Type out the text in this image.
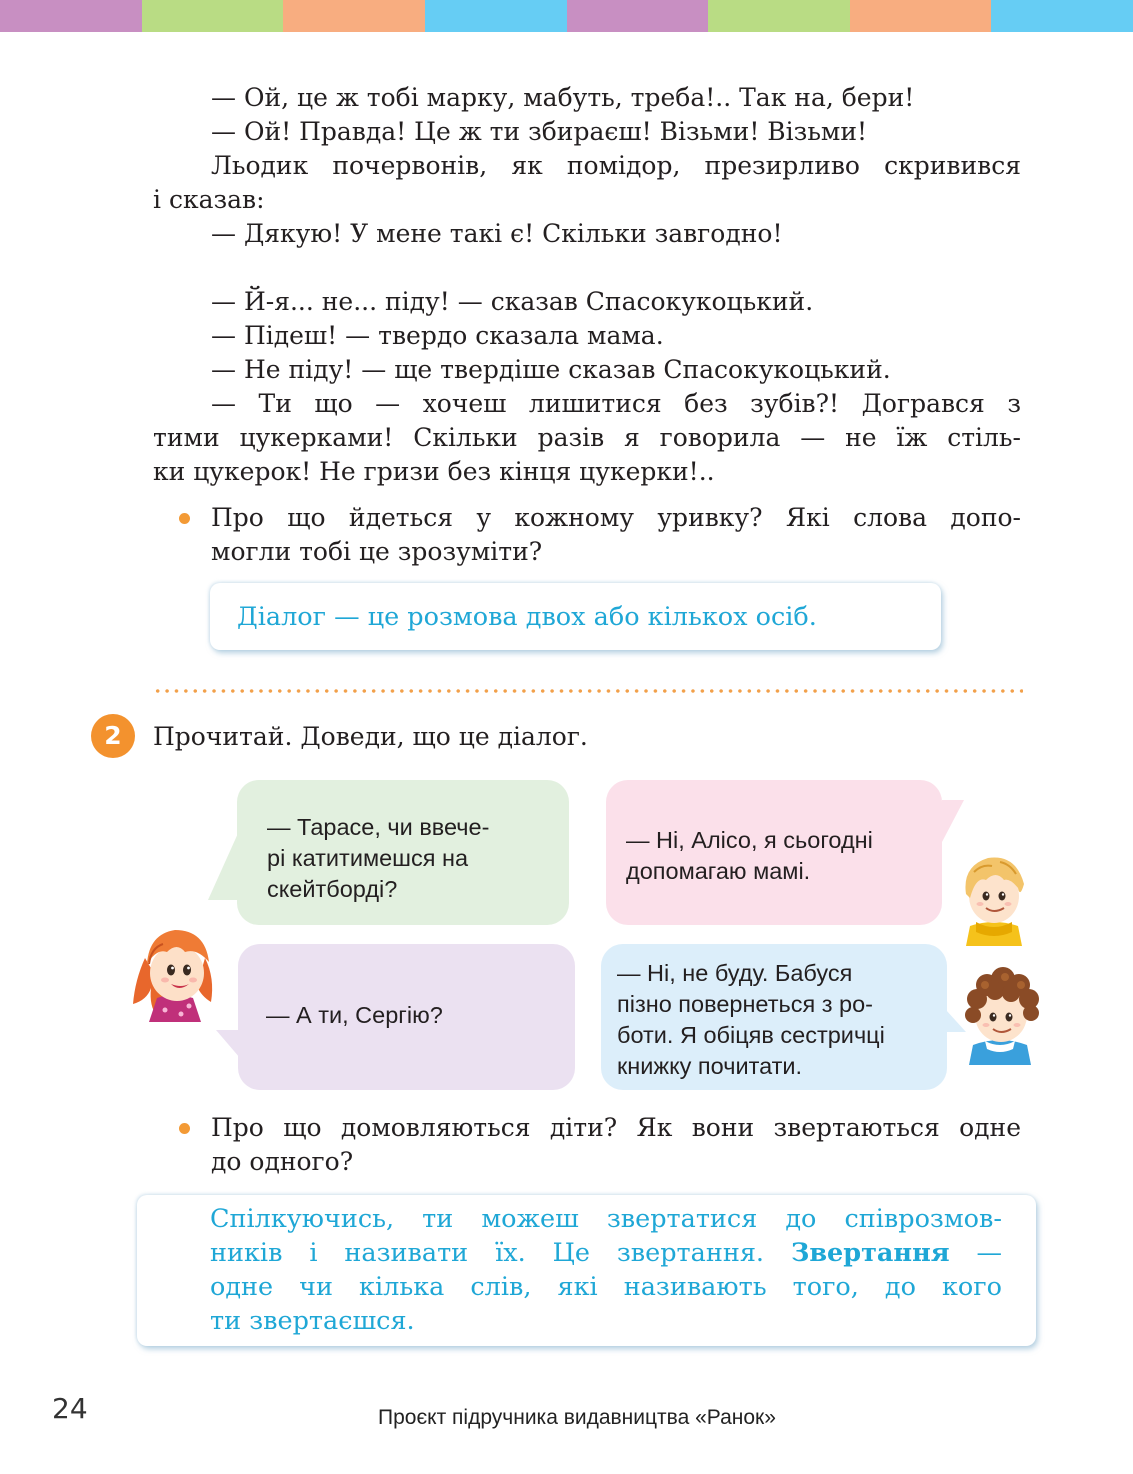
— Ой, це ж тобі марку, мабуть, треба!.. Так на, бери!
— Ой! Правда! Це ж ти збираєш! Візьми! Візьми!
Льодик почервонів, як помідор, презирливо скривився
і сказав:
— Дякую! У мене такі є! Скільки завгодно!
— Й-я... не... піду! — сказав Спасокукоцький.
— Підеш! — твердо сказала мама.
— Не піду! — ще твердіше сказав Спасокукоцький.
— Ти що — хочеш лишитися без зубів?! Догрався з
тими цукерками! Скільки разів я говорила — не їж стіль-
ки цукерок! Не гризи без кінця цукерки!..
Про що йдеться у кожному уривку? Які слова допо-
могли тобі це зрозуміти?
Діалог — це розмова двох або кількох осіб.
2	Прочитай. Доведи, що це діалог.
— Тарасе, чи ввече-
рі катитимешся на
скейтборді?
— Ні, Алісо, я сьогодні
допомагаю мамі.
— А ти, Сергію?
— Ні, не буду. Бабуся
пізно повернеться з ро-
боти. Я обіцяв сестричці
книжку почитати.
Про що домовляються діти? Як вони звертаються одне
до одного?
Спілкуючись, ти можеш звертатися до співрозмов-
ників і називати їх. Це звертання. Звертання —
одне чи кілька слів, які називають того, до кого
ти звертаєшся.
24	Проєкт підручника видавництва «Ранок»
